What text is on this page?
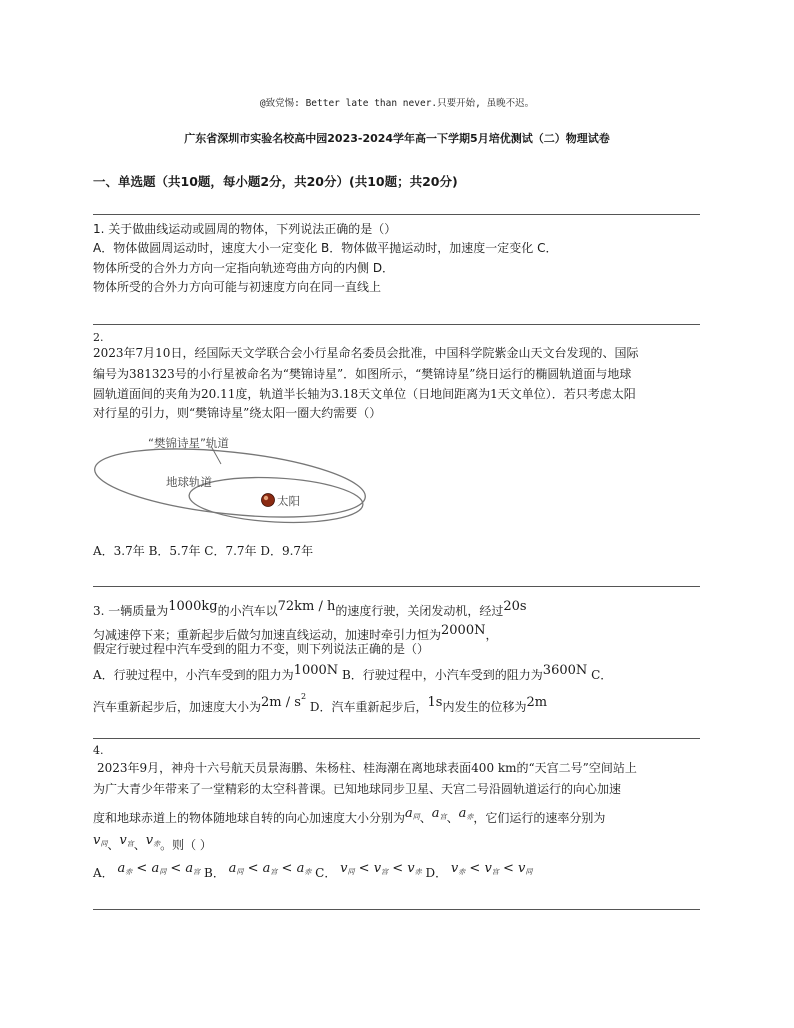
@致党惕: Better late than never.只要开始, 虽晚不迟。
广东省深圳市实验名校高中园2023-2024学年高一下学期5月培优测试（二）物理试卷
一、单选题（共10题，每小题2分，共20分）(共10题；共20分)
1. 关于做曲线运动或圆周的物体，下列说法正确的是（）
A．物体做圆周运动时，速度大小一定变化 B．物体做平抛运动时，加速度一定变化 C．
物体所受的合外力方向一定指向轨迹弯曲方向的内侧 D．
物体所受的合外力方向可能与初速度方向在同一直线上
2.
2023年7月10日，经国际天文学联合会小行星命名委员会批准，中国科学院紫金山天文台发现的、国际
编号为381323号的小行星被命名为“樊锦诗星”．如图所示，“樊锦诗星”绕日运行的椭圆轨道面与地球
圆轨道面间的夹角为20.11度，轨道半长轴为3.18天文单位（日地间距离为1天文单位）．若只考虑太阳
对行星的引力，则“樊锦诗星”绕太阳一圈大约需要（）
“樊锦诗星”轨道
地球轨道
太阳
A．3.7年 B．5.7年 C．7.7年 D．9.7年
3. 一辆质量为1000kg的小汽车以72km / h的速度行驶，关闭发动机，经过20s
匀减速停下来；重新起步后做匀加速直线运动，加速时牵引力恒为2000N，
假定行驶过程中汽车受到的阻力不变，则下列说法正确的是（）
A．行驶过程中，小汽车受到的阻力为1000N B．行驶过程中，小汽车受到的阻力为3600N C．
汽车重新起步后，加速度大小为$2m / s^2$ D．汽车重新起步后，1s内发生的位移为2m
4.
2023年9月，神舟十六号航天员景海鹏、朱杨柱、桂海潮在离地球表面400 km的“天宫二号”空间站上
为广大青少年带来了一堂精彩的太空科普课。已知地球同步卫星、天宫二号沿圆轨道运行的向心加速
度和地球赤道上的物体随地球自转的向心加速度大小分别为$a_同$、$a_宫$、$a_赤$，它们运行的速率分别为
$v_同$、$v_宫$、$v_赤$。则（ ）
A． $a_赤 < a_同 < a_宫$ B． $a_同 < a_宫 < a_赤$ C． $v_同 < v_宫 < v_赤$ D． $v_赤 < v_宫 < v_同$
